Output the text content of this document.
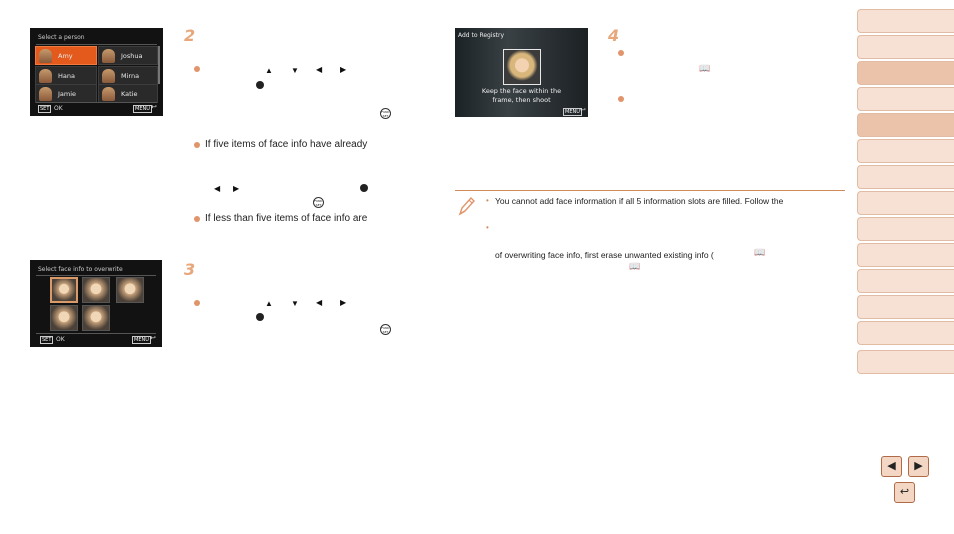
Select a person
Amy	Joshua
Hana	Mirna
Jamie	Katie
SET OK	MENU ↩
Select face info to overwrite
SET OK	MENU ↩
Add to Registry
Keep the face within the
frame, then shoot
MENU ↩
2
▲ ▼ ◀ ▶
FUNC SET
If five items of face info have already
◀ ▶
FUNC SET
If less than five items of face info are
3
▲ ▼ ◀ ▶
FUNC SET
4
📖
• You cannot add face information if all 5 information slots are filled. Follow the
•
of overwriting face info, first erase unwanted existing info (	📖
📖
◀	▶
↩
